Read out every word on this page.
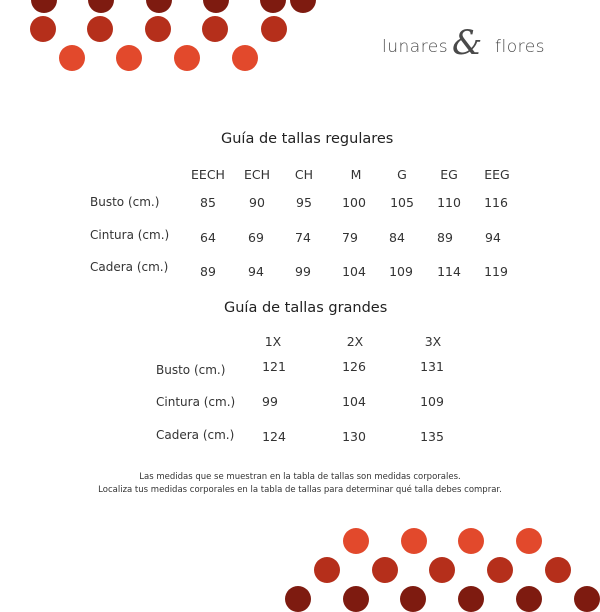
lunares & flores
Guía de tallas regulares
EECH ECH CH	M	G	EG EEG
Busto (cm.)	85	90 95 100 105 110 116
Cintura (cm.) 64	69 74 79 84	89	94
Cadera (cm.)	89	94 99 104 109 114 119
Guía de tallas grandes
1X	2X	3X
Busto (cm.)	121	126	131
Cintura (cm.) 99	104	109
Cadera (cm.) 124	130	135
Las medidas que se muestran en la tabla de tallas son medidas corporales.
Localiza tus medidas corporales en la tabla de tallas para determinar qué talla debes comprar.
